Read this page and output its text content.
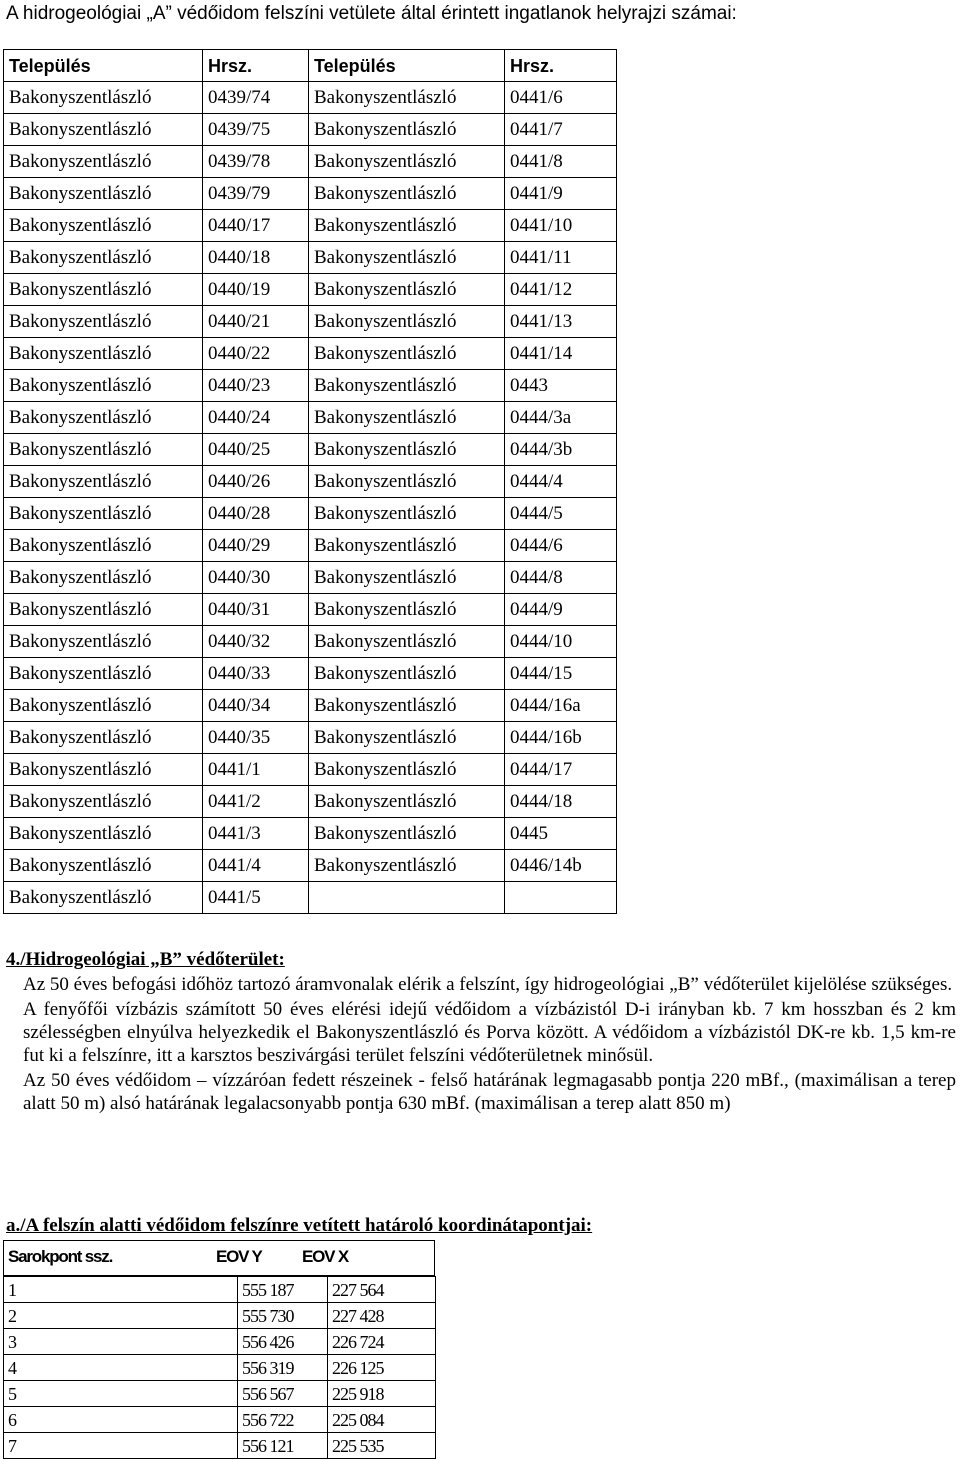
A hidrogeológiai „A” védőidom felszíni vetülete által érintett ingatlanok helyrajzi számai:
Település	Hrsz.	Település	Hrsz.
Bakonyszentlászló	0439/74	Bakonyszentlászló	0441/6
Bakonyszentlászló	0439/75	Bakonyszentlászló	0441/7
Bakonyszentlászló	0439/78	Bakonyszentlászló	0441/8
Bakonyszentlászló	0439/79	Bakonyszentlászló	0441/9
Bakonyszentlászló	0440/17	Bakonyszentlászló	0441/10
Bakonyszentlászló	0440/18	Bakonyszentlászló	0441/11
Bakonyszentlászló	0440/19	Bakonyszentlászló	0441/12
Bakonyszentlászló	0440/21	Bakonyszentlászló	0441/13
Bakonyszentlászló	0440/22	Bakonyszentlászló	0441/14
Bakonyszentlászló	0440/23	Bakonyszentlászló	0443
Bakonyszentlászló	0440/24	Bakonyszentlászló	0444/3a
Bakonyszentlászló	0440/25	Bakonyszentlászló	0444/3b
Bakonyszentlászló	0440/26	Bakonyszentlászló	0444/4
Bakonyszentlászló	0440/28	Bakonyszentlászló	0444/5
Bakonyszentlászló	0440/29	Bakonyszentlászló	0444/6
Bakonyszentlászló	0440/30	Bakonyszentlászló	0444/8
Bakonyszentlászló	0440/31	Bakonyszentlászló	0444/9
Bakonyszentlászló	0440/32	Bakonyszentlászló	0444/10
Bakonyszentlászló	0440/33	Bakonyszentlászló	0444/15
Bakonyszentlászló	0440/34	Bakonyszentlászló	0444/16a
Bakonyszentlászló	0440/35	Bakonyszentlászló	0444/16b
Bakonyszentlászló	0441/1	Bakonyszentlászló	0444/17
Bakonyszentlászló	0441/2	Bakonyszentlászló	0444/18
Bakonyszentlászló	0441/3	Bakonyszentlászló	0445
Bakonyszentlászló	0441/4	Bakonyszentlászló	0446/14b
Bakonyszentlászló	0441/5		
4./Hidrogeológiai „B” védőterület:

Az 50 éves befogási időhöz tartozó áramvonalak elérik a felszínt, így hidrogeológiai „B” védőterület kijelölése szükséges.

A fenyőfői vízbázis számított 50 éves elérési idejű védőidom a vízbázistól D-i irányban kb. 7 km hosszban és 2 km szélességben elnyúlva helyezkedik el Bakonyszentlászló és Porva között. A védőidom a vízbázistól DK-re kb. 1,5 km-re fut ki a felszínre, itt a karsztos beszivárgási terület felszíni védőterületnek minősül.

Az 50 éves védőidom – vízzáróan fedett részeinek - felső határának legmagasabb pontja 220 mBf., (maximálisan a terep alatt 50 m) alsó határának legalacsonyabb pontja 630 mBf. (maximálisan a terep alatt 850 m)

a./A felszín alatti védőidom felszínre vetített határoló koordinátapontjai:
Sarokpont ssz.	EOV Y EOV X
1	555 187	227 564
2	555 730	227 428
3	556 426	226 724
4	556 319	226 125
5	556 567	225 918
6	556 722	225 084
7	556 121	225 535
